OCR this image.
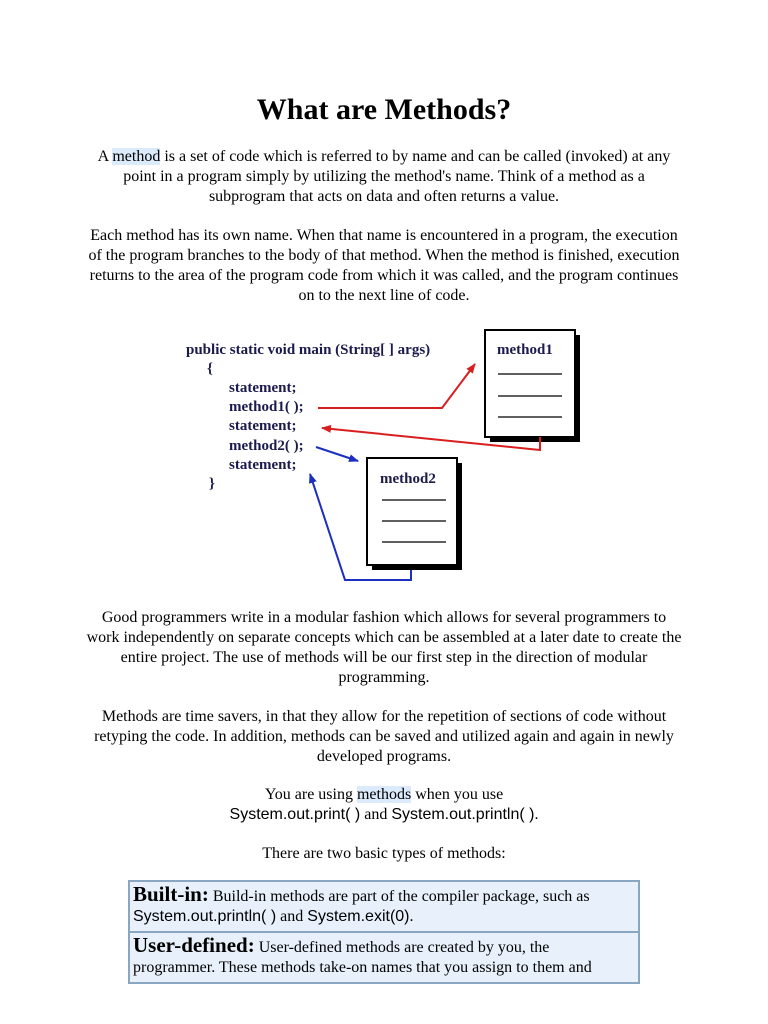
What are Methods?
A method is a set of code which is referred to by name and can be called (invoked) at any point in a program simply by utilizing the method's name. Think of a method as a subprogram that acts on data and often returns a value.
Each method has its own name. When that name is encountered in a program, the execution of the program branches to the body of that method. When the method is finished, execution returns to the area of the program code from which it was called, and the program continues on to the next line of code.
public static void main (String[ ] args)
{
statement;
method1( );
statement;
method2( );
statement;
}
method1
method2
Good programmers write in a modular fashion which allows for several programmers to work independently on separate concepts which can be assembled at a later date to create the entire project. The use of methods will be our first step in the direction of modular programming.
Methods are time savers, in that they allow for the repetition of sections of code without retyping the code. In addition, methods can be saved and utilized again and again in newly developed programs.
You are using methods when you use
System.out.print( ) and System.out.println( ).
There are two basic types of methods:
Built-in: Build-in methods are part of the compiler package, such as System.out.println( ) and System.exit(0).
User-defined: User-defined methods are created by you, the programmer. These methods take-on names that you assign to them and
